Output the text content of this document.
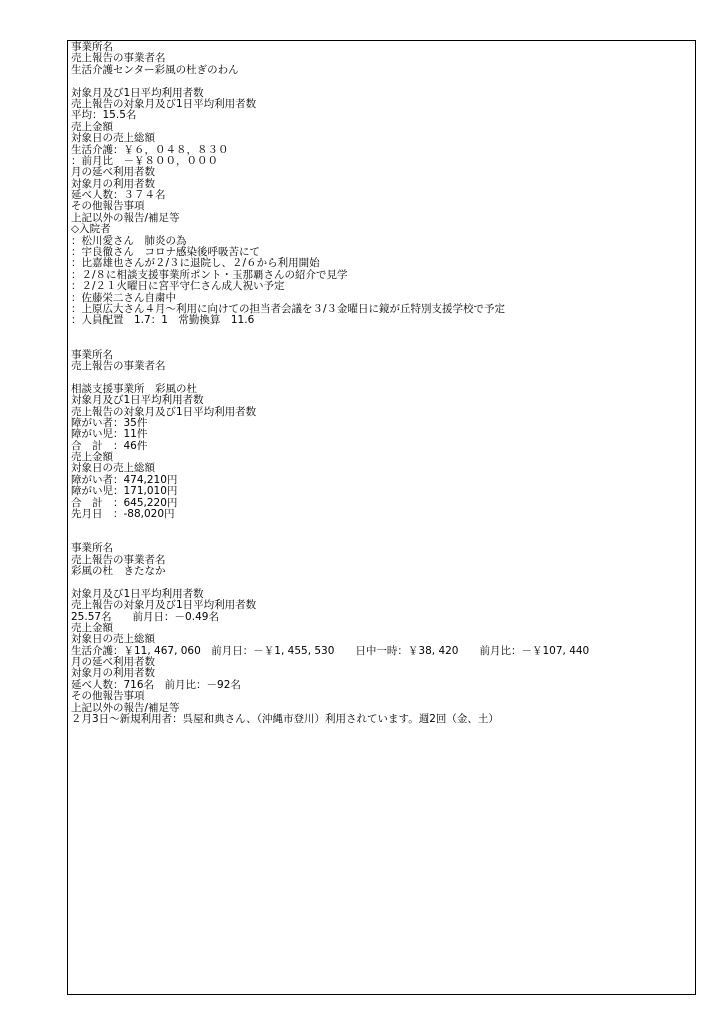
事業所名
売上報告の事業者名
生活介護センター彩風の杜ぎのわん
対象月及び1日平均利用者数
売上報告の対象月及び1日平均利用者数
平均：15.5名
売上金額
対象日の売上総額
生活介護：￥６，０４８，８３０
：前月比　－￥８００，０００
月の延べ利用者数
対象月の利用者数
延べ人数：３７４名
その他報告事項
上記以外の報告/補足等
◇入院者
：松川愛さん　肺炎の為
：宇良徹さん　コロナ感染後呼吸苦にて
：比嘉雄也さんが２/３に退院し、２/６から利用開始
：２/８に相談支援事業所ポント・玉那覇さんの紹介で見学
：２/２１火曜日に宮平守仁さん成人祝い予定
：佐藤栄二さん自粛中
：上原広大さん４月～利用に向けての担当者会議を３/３金曜日に鏡が丘特別支援学校で予定
：人員配置　1.7：1　常勤換算　11.6
事業所名
売上報告の事業者名
相談支援事業所　彩風の杜
対象月及び1日平均利用者数
売上報告の対象月及び1日平均利用者数
障がい者：35件
障がい児：11件
合　計　：46件
売上金額
対象日の売上総額
障がい者：474,210円
障がい児：171,010円
合　計　：645,220円
先月日　：-88,020円
事業所名
売上報告の事業者名
彩風の杜　きたなか
対象月及び1日平均利用者数
売上報告の対象月及び1日平均利用者数
25.57名　　前月日：－0.49名
売上金額
対象日の売上総額
生活介護：￥11, 467, 060　前月日：－￥1, 455, 530　　日中一時：￥38, 420　　前月比：－￥107, 440
月の延べ利用者数
対象月の利用者数
延べ人数：716名　前月比：－92名
その他報告事項
上記以外の報告/補足等
２月3日～新規利用者：呉屋和典さん、（沖縄市登川）利用されています。週2回（金、土）
